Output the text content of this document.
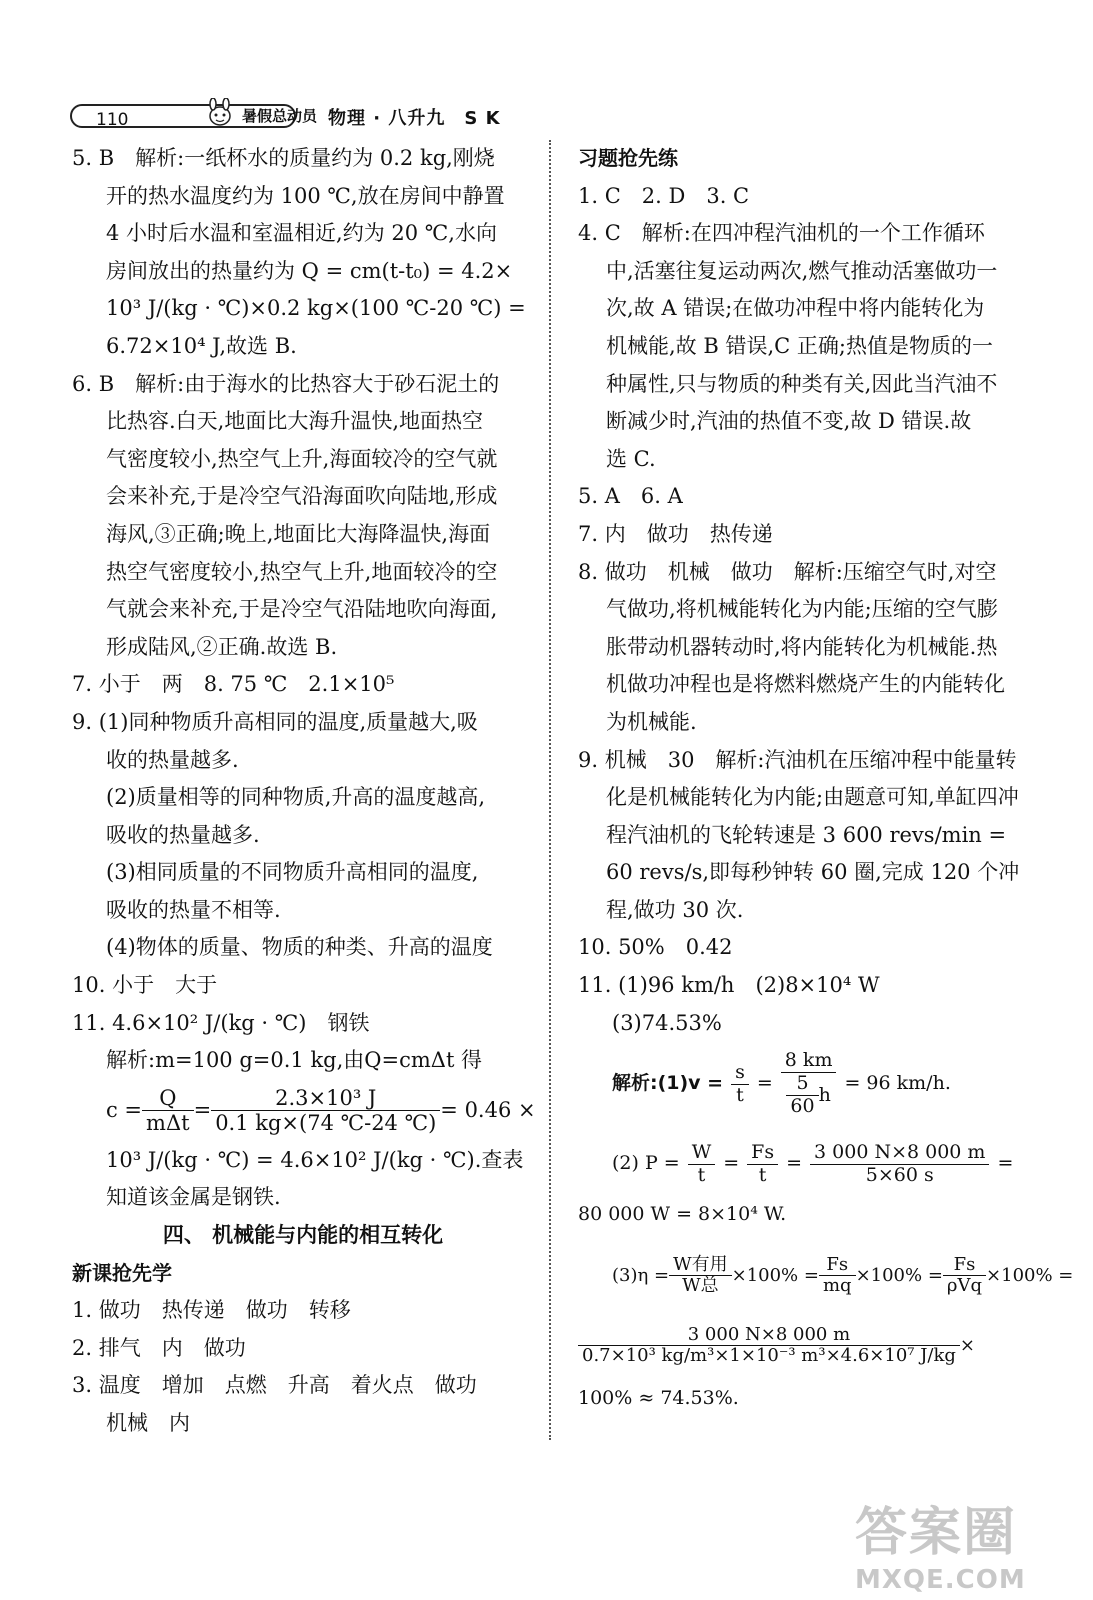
110	暑假总动员 物理 · 八升九　S K
5. B　解析:一纸杯水的质量约为 0.2 kg,刚烧
开的热水温度约为 100 ℃,放在房间中静置
4 小时后水温和室温相近,约为 20 ℃,水向
房间放出的热量约为 Q = cm(t-t₀) = 4.2×
10³ J/(kg · ℃)×0.2 kg×(100 ℃-20 ℃) =
6.72×10⁴ J,故选 B.
6. B　解析:由于海水的比热容大于砂石泥土的
比热容.白天,地面比大海升温快,地面热空
气密度较小,热空气上升,海面较冷的空气就
会来补充,于是冷空气沿海面吹向陆地,形成
海风,③正确;晚上,地面比大海降温快,海面
热空气密度较小,热空气上升,地面较冷的空
气就会来补充,于是冷空气沿陆地吹向海面,
形成陆风,②正确.故选 B.
7. 小于　两　8. 75 ℃　2.1×10⁵
9. (1)同种物质升高相同的温度,质量越大,吸
收的热量越多.
(2)质量相等的同种物质,升高的温度越高,
吸收的热量越多.
(3)相同质量的不同物质升高相同的温度,
吸收的热量不相等.
(4)物体的质量、物质的种类、升高的温度
10. 小于　大于
11. 4.6×10² J/(kg · ℃)　钢铁
解析:m=100 g=0.1 kg,由Q=cmΔt 得
$c = \frac{Q}{\text{mΔt}} = \frac{\text{2.3×10³ J}}{0.1 kg\times(74 ℃-24 ℃)} = 0.46$ ×
10³ J/(kg · ℃) = 4.6×10² J/(kg · ℃).查表
知道该金属是钢铁.
四、 机械能与内能的相互转化
新课抢先学
1. 做功　热传递　做功　转移
2. 排气　内　做功
3. 温度　增加　点燃　升高　着火点　做功
机械　内
习题抢先练
1. C　2. D　3. C
4. C　解析:在四冲程汽油机的一个工作循环
中,活塞往复运动两次,燃气推动活塞做功一
次,故 A 错误;在做功冲程中将内能转化为
机械能,故 B 错误,C 正确;热值是物质的一
种属性,只与物质的种类有关,因此当汽油不
断减少时,汽油的热值不变,故 D 错误.故
选 C.
5. A　6. A
7. 内　做功　热传递
8. 做功　机械　做功　解析:压缩空气时,对空
气做功,将机械能转化为内能;压缩的空气膨
胀带动机器转动时,将内能转化为机械能.热
机做功冲程也是将燃料燃烧产生的内能转化
为机械能.
9. 机械　30　解析:汽油机在压缩冲程中能量转
化是机械能转化为内能;由题意可知,单缸四冲
程汽油机的飞轮转速是 3 600 revs/min =
60 revs/s,即每秒钟转 60 圈,完成 120 个冲
程,做功 30 次.
10. 50%　0.42
11. (1)96 km/h　(2)8×10⁴ W
(3)74.53%
解析:(1)v = $\frac{s}{t} = \frac{8 km}{\frac{5}{60} h} = 96$ km/h.
(2) $P = \frac{W}{t} = \frac{Fs}{t} = \frac{3 000 N\times 8 000 m}{5\times 60 s}$ =
80 000 W = 8×10⁴ W.
$(3)\eta = \frac{\text{W有用}}{\text{W总}} \times 100\% = \frac{Fs}{mq} \times 100\% = \frac{Fs}{\text{ρVq}} \times 100\%$ =
$\frac{3 000 N\times 8 000 m}{\text{0.7×10³ kg/m³×1×10⁻³ m³×4.6×10⁷ J/kg}}$ ×
100% ≈ 74.53%.
答案圈
MXQE.COM
